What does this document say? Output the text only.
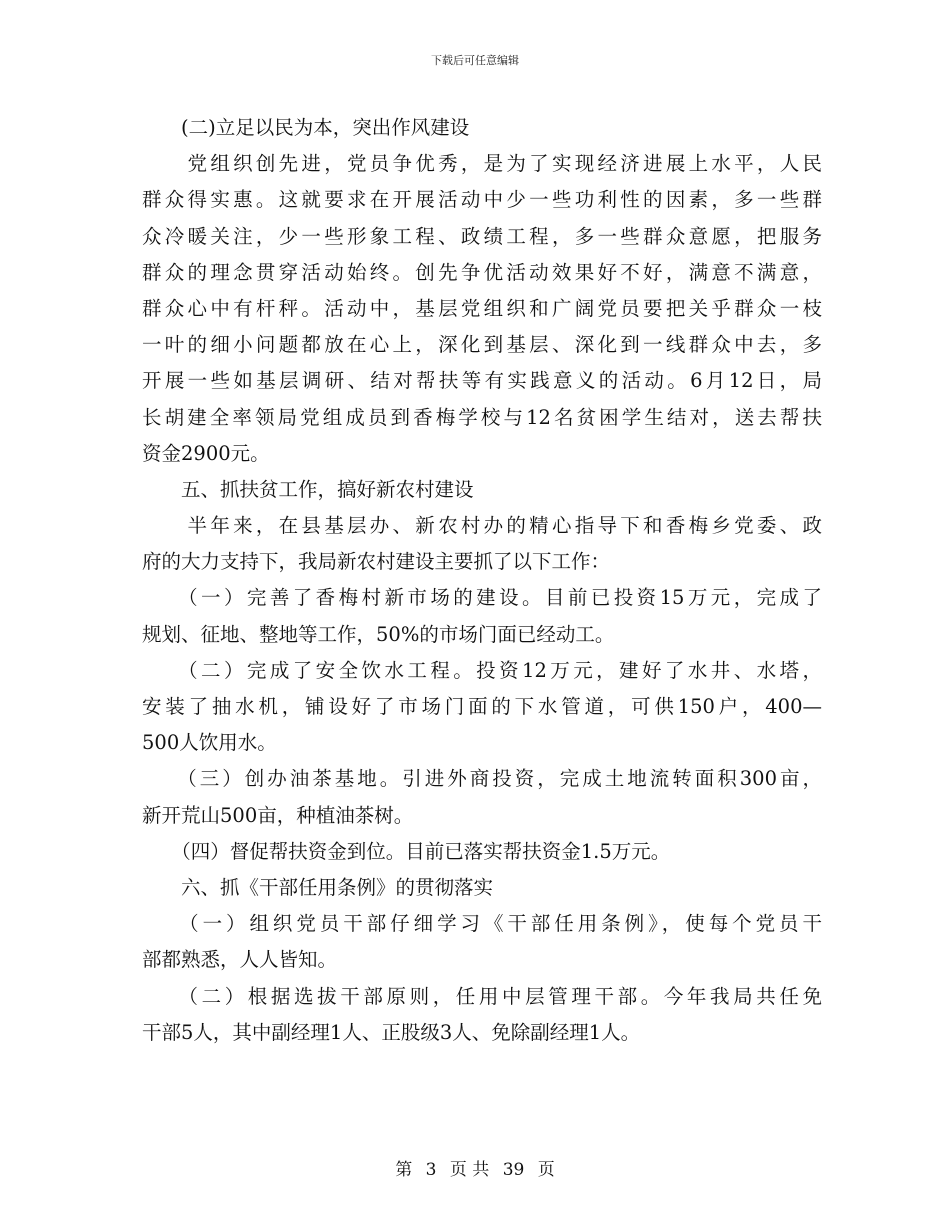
下载后可任意编辑
　　(二)立足以民为本，突出作风建设
　　党组织创先进，党员争优秀，是为了实现经济进展上水平，人民
群众得实惠。这就要求在开展活动中少一些功利性的因素，多一些群
众冷暖关注，少一些形象工程、政绩工程，多一些群众意愿，把服务
群众的理念贯穿活动始终。创先争优活动效果好不好，满意不满意，
群众心中有杆秤。活动中，基层党组织和广阔党员要把关乎群众一枝
一叶的细小问题都放在心上，深化到基层、深化到一线群众中去，多
开展一些如基层调研、结对帮扶等有实践意义的活动。6月12日，局
长胡建全率领局党组成员到香梅学校与12名贫困学生结对，送去帮扶
资金2900元。
　　五、抓扶贫工作，搞好新农村建设
　　半年来，在县基层办、新农村办的精心指导下和香梅乡党委、政
府的大力支持下，我局新农村建设主要抓了以下工作：
　　（一）完善了香梅村新市场的建设。目前已投资15万元，完成了
规划、征地、整地等工作，50%的市场门面已经动工。
　　（二）完成了安全饮水工程。投资12万元，建好了水井、水塔，
安装了抽水机，铺设好了市场门面的下水管道，可供150户，400—
500人饮用水。
　　（三）创办油茶基地。引进外商投资，完成土地流转面积300亩，
新开荒山500亩，种植油茶树。
　　（四）督促帮扶资金到位。目前已落实帮扶资金1.5万元。
　　六、抓《干部任用条例》的贯彻落实
　　（一）组织党员干部仔细学习《干部任用条例》，使每个党员干
部都熟悉，人人皆知。
　　（二）根据选拔干部原则，任用中层管理干部。今年我局共任免
干部5人，其中副经理1人、正股级3人、免除副经理1人。
第 3 页 共 39 页
